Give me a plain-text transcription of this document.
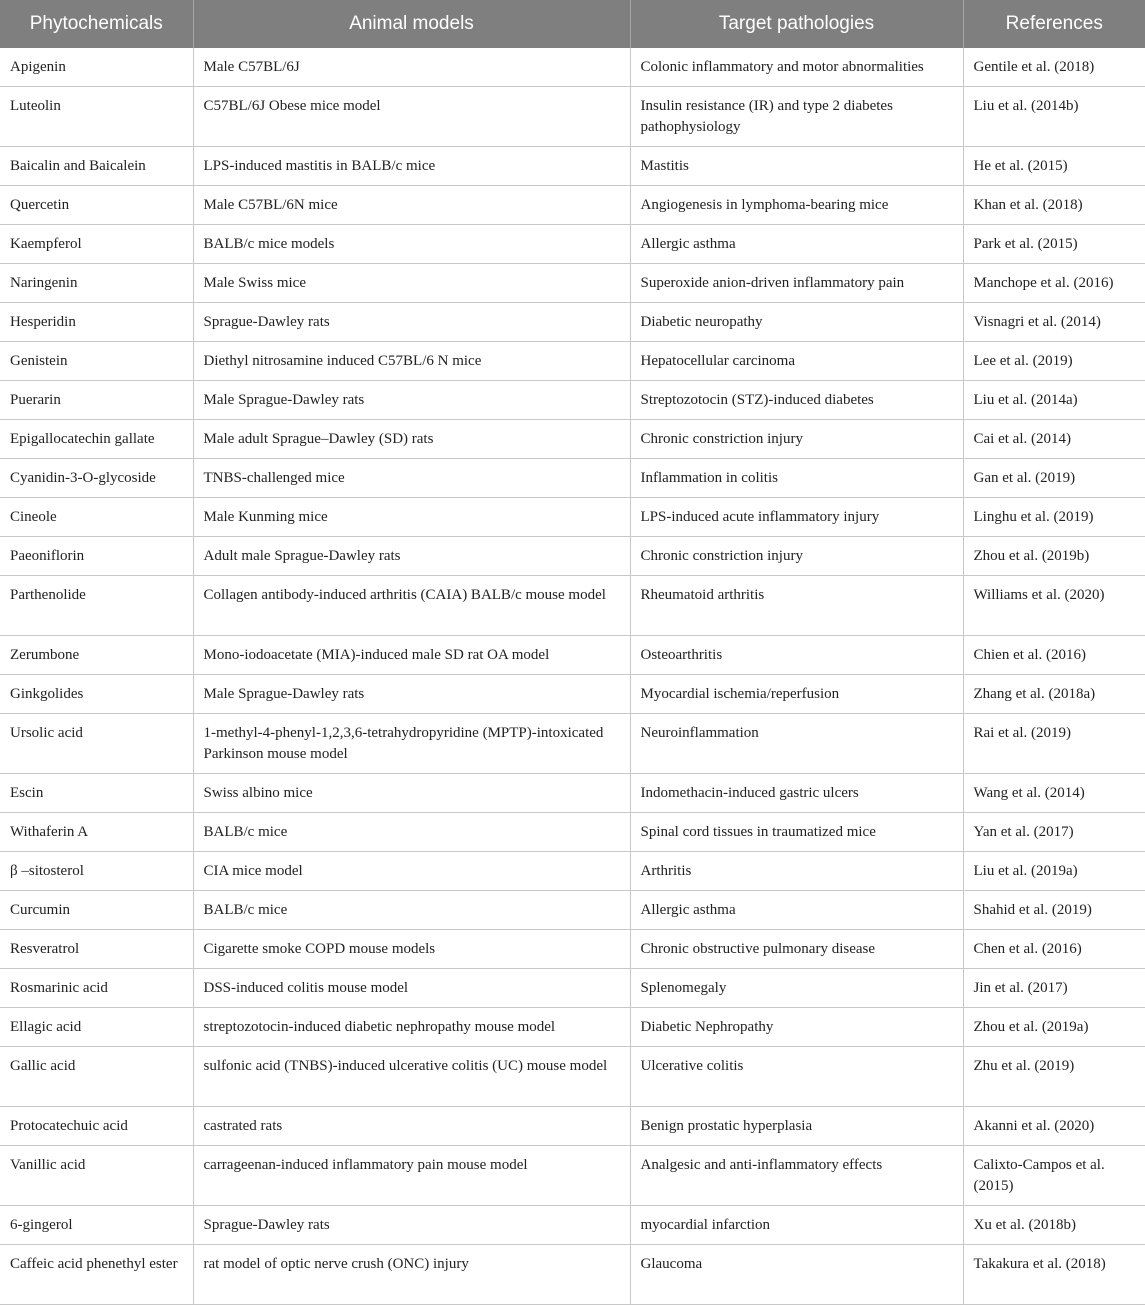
Phytochemicals	Animal models	Target pathologies	References
Apigenin	Male C57BL/6J	Colonic inflammatory and motor abnormalities	Gentile et al. (2018)
Luteolin	C57BL/6J Obese mice model	Insulin resistance (IR) and type 2 diabetes pathophysiology	Liu et al. (2014b)
Baicalin and Baicalein	LPS-induced mastitis in BALB/c mice	Mastitis	He et al. (2015)
Quercetin	Male C57BL/6N mice	Angiogenesis in lymphoma-bearing mice	Khan et al. (2018)
Kaempferol	BALB/c mice models	Allergic asthma	Park et al. (2015)
Naringenin	Male Swiss mice	Superoxide anion-driven inflammatory pain	Manchope et al. (2016)
Hesperidin	Sprague-Dawley rats	Diabetic neuropathy	Visnagri et al. (2014)
Genistein	Diethyl nitrosamine induced C57BL/6 N mice	Hepatocellular carcinoma	Lee et al. (2019)
Puerarin	Male Sprague-Dawley rats	Streptozotocin (STZ)-induced diabetes	Liu et al. (2014a)
Epigallocatechin gallate	Male adult Sprague–Dawley (SD) rats	Chronic constriction injury	Cai et al. (2014)
Cyanidin-3-O-glycoside	TNBS-challenged mice	Inflammation in colitis	Gan et al. (2019)
Cineole	Male Kunming mice	LPS-induced acute inflammatory injury	Linghu et al. (2019)
Paeoniflorin	Adult male Sprague-Dawley rats	Chronic constriction injury	Zhou et al. (2019b)
Parthenolide	Collagen antibody-induced arthritis (CAIA) BALB/c mouse model	Rheumatoid arthritis	Williams et al. (2020)
Zerumbone	Mono-iodoacetate (MIA)-induced male SD rat OA model	Osteoarthritis	Chien et al. (2016)
Ginkgolides	Male Sprague-Dawley rats	Myocardial ischemia/reperfusion	Zhang et al. (2018a)
Ursolic acid	1-methyl-4-phenyl-1,2,3,6-tetrahydropyridine (MPTP)-intoxicated Parkinson mouse model	Neuroinflammation	Rai et al. (2019)
Escin	Swiss albino mice	Indomethacin-induced gastric ulcers	Wang et al. (2014)
Withaferin A	BALB/c mice	Spinal cord tissues in traumatized mice	Yan et al. (2017)
β –sitosterol	CIA mice model	Arthritis	Liu et al. (2019a)
Curcumin	BALB/c mice	Allergic asthma	Shahid et al. (2019)
Resveratrol	Cigarette smoke COPD mouse models	Chronic obstructive pulmonary disease	Chen et al. (2016)
Rosmarinic acid	DSS-induced colitis mouse model	Splenomegaly	Jin et al. (2017)
Ellagic acid	streptozotocin-induced diabetic nephropathy mouse model	Diabetic Nephropathy	Zhou et al. (2019a)
Gallic acid	sulfonic acid (TNBS)-induced ulcerative colitis (UC) mouse model	Ulcerative colitis	Zhu et al. (2019)
Protocatechuic acid	castrated rats	Benign prostatic hyperplasia	Akanni et al. (2020)
Vanillic acid	carrageenan-induced inflammatory pain mouse model	Analgesic and anti-inflammatory effects	Calixto-Campos et al. (2015)
6-gingerol	Sprague-Dawley rats	myocardial infarction	Xu et al. (2018b)
Caffeic acid phenethyl ester	rat model of optic nerve crush (ONC) injury	Glaucoma	Takakura et al. (2018)
